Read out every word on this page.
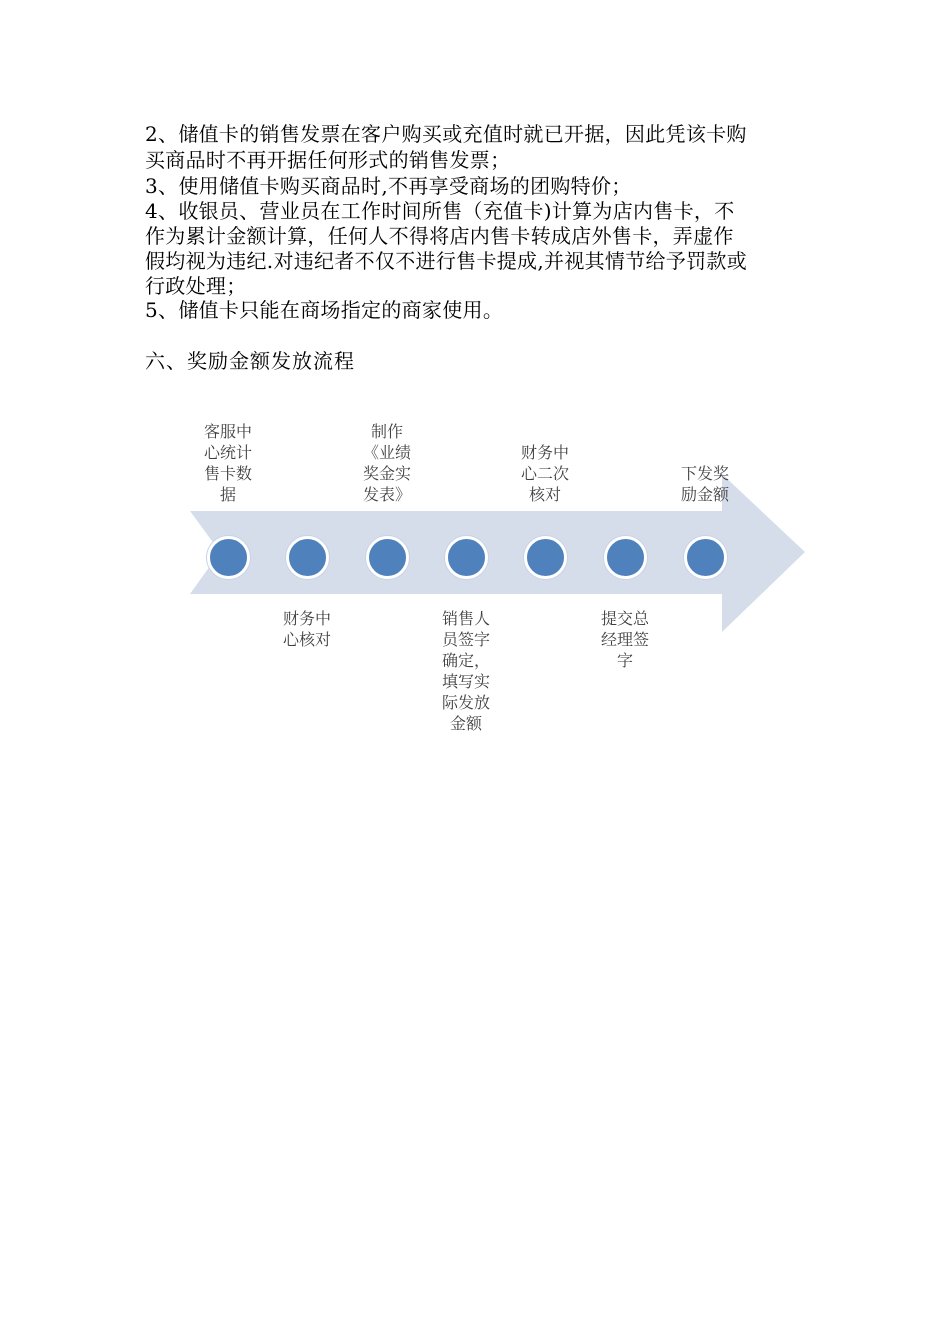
2、储值卡的销售发票在客户购买或充值时就已开据，因此凭该卡购

买商品时不再开据任何形式的销售发票；

3、使用储值卡购买商品时,不再享受商场的团购特价；

4、收银员、营业员在工作时间所售（充值卡)计算为店内售卡，不

作为累计金额计算，任何人不得将店内售卡转成店外售卡，弄虚作

假均视为违纪.对违纪者不仅不进行售卡提成,并视其情节给予罚款或

行政处理；

5、储值卡只能在商场指定的商家使用。

六、奖励金额发放流程
客服中
心统计
售卡数
据
财务中
心核对
制作
《业绩
奖金实
发表》
销售人
员签字
确定，
填写实
际发放
金额
财务中
心二次
核对
提交总
经理签
字
下发奖
励金额
